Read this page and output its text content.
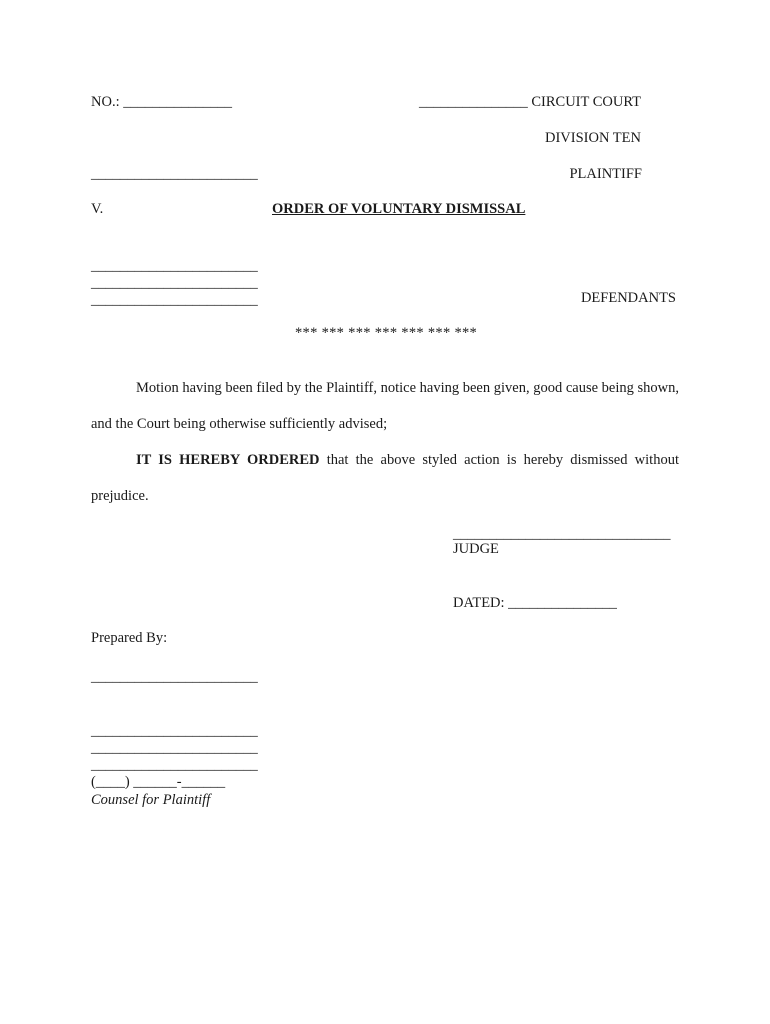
NO.: _______________	_______________ CIRCUIT COURT
DIVISION TEN
_______________________	PLAINTIFF
V.	ORDER OF VOLUNTARY DISMISSAL
_______________________
_______________________
_______________________	DEFENDANTS
*** *** *** *** *** *** ***
Motion having been filed by the Plaintiff, notice having been given, good cause being shown, and the Court being otherwise sufficiently advised;
IT IS HEREBY ORDERED that the above styled action is hereby dismissed without prejudice.
______________________________
JUDGE
DATED: _______________
Prepared By:
_______________________
_______________________
_______________________
_______________________
(____) ______-______
Counsel for Plaintiff
